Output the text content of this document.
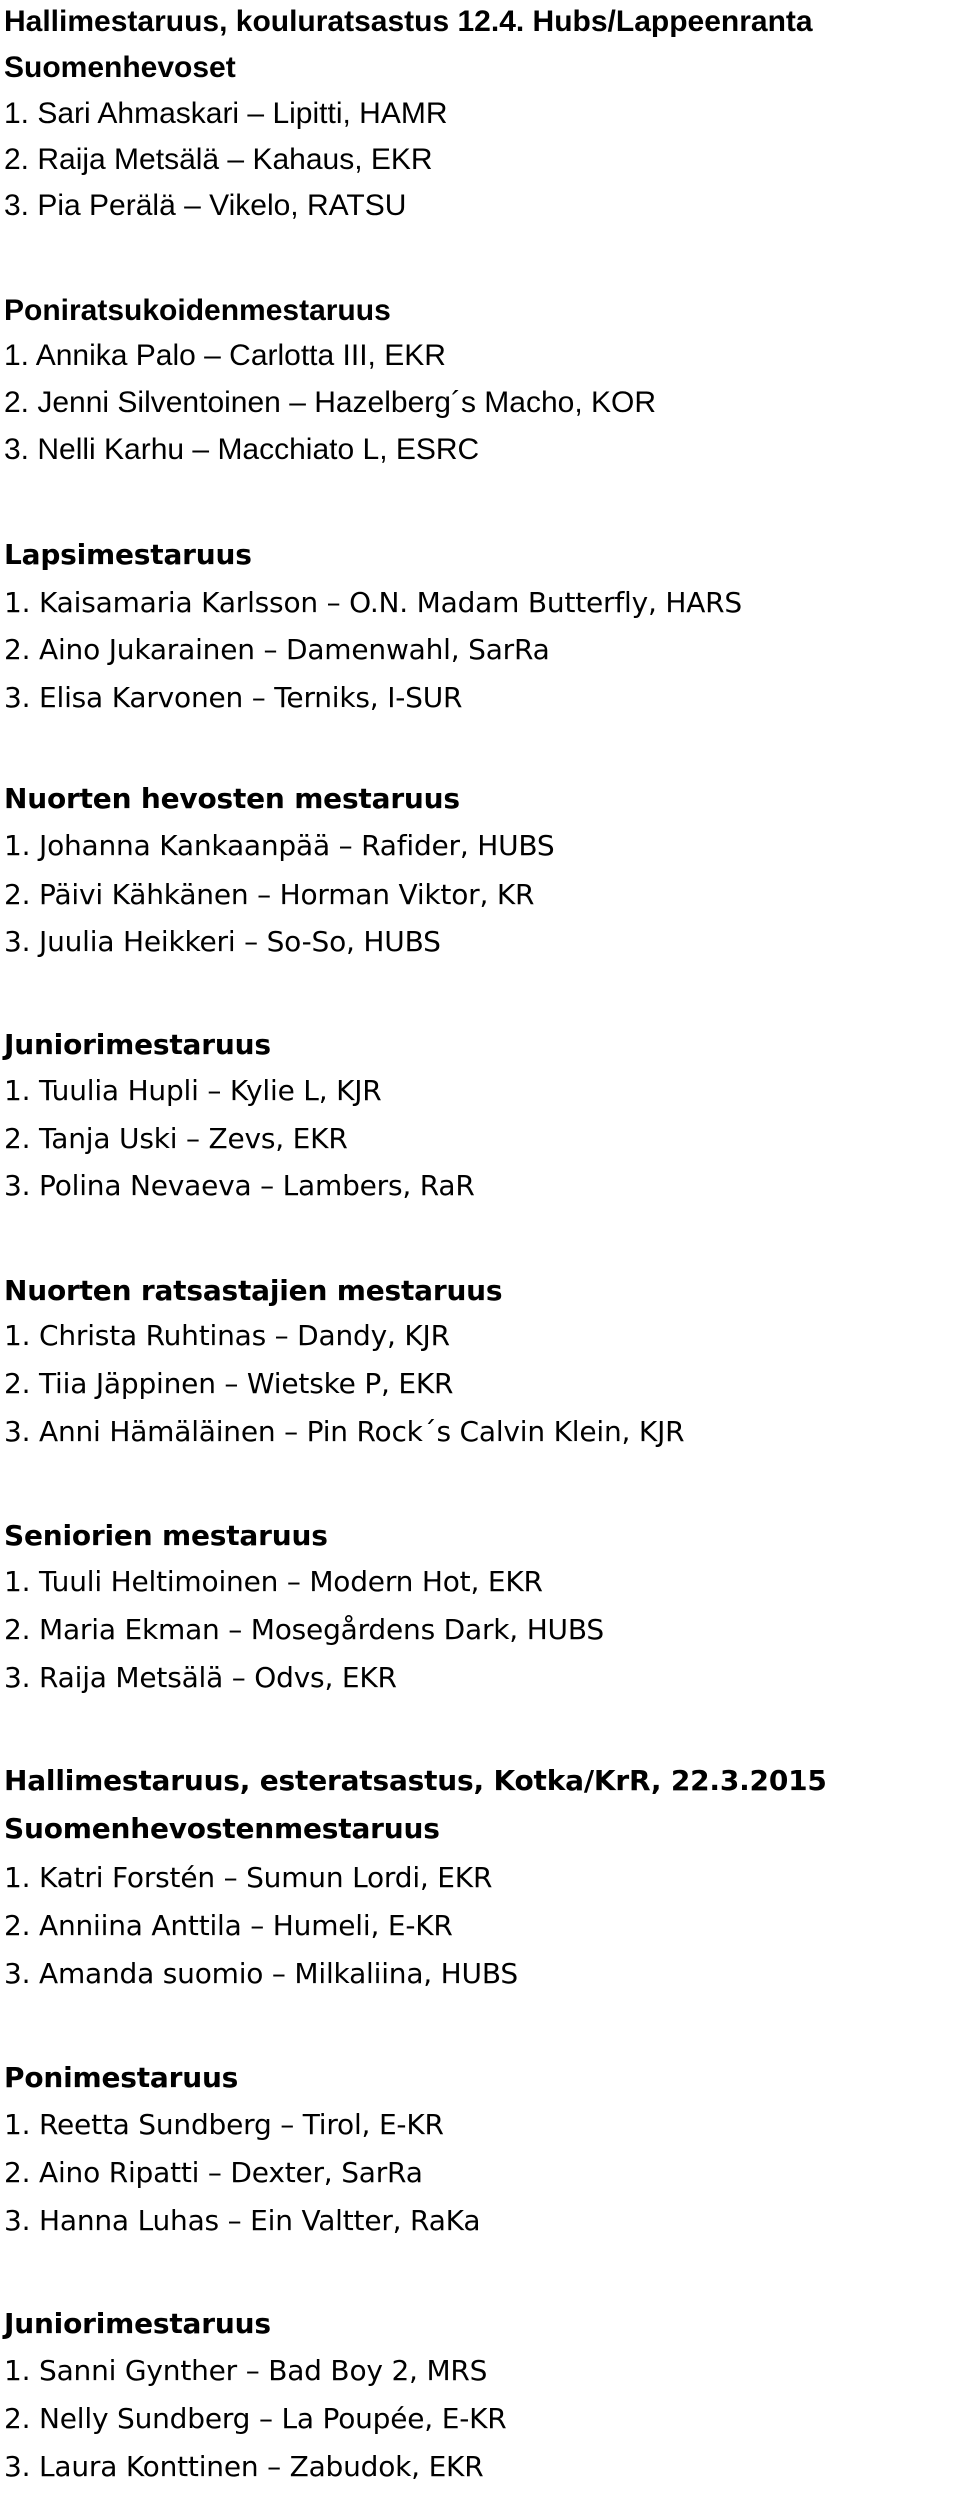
Hallimestaruus, kouluratsastus 12.4. Hubs/Lappeenranta
Suomenhevoset
1. Sari Ahmaskari – Lipitti, HAMR
2. Raija Metsälä – Kahaus, EKR
3. Pia Perälä – Vikelo, RATSU
Poniratsukoidenmestaruus
1. Annika Palo – Carlotta III, EKR
2. Jenni Silventoinen – Hazelberg´s Macho, KOR
3. Nelli Karhu – Macchiato L, ESRC
Lapsimestaruus
1. Kaisamaria Karlsson – O.N. Madam Butterfly, HARS
2. Aino Jukarainen – Damenwahl, SarRa
3. Elisa Karvonen – Terniks, I-SUR
Nuorten hevosten mestaruus
1. Johanna Kankaanpää – Rafider, HUBS
2. Päivi Kähkänen – Horman Viktor, KR
3. Juulia Heikkeri – So-So, HUBS
Juniorimestaruus
1. Tuulia Hupli – Kylie L, KJR
2. Tanja Uski – Zevs, EKR
3. Polina Nevaeva – Lambers, RaR
Nuorten ratsastajien mestaruus
1. Christa Ruhtinas – Dandy, KJR
2. Tiia Jäppinen – Wietske P, EKR
3. Anni Hämäläinen – Pin Rock´s Calvin Klein, KJR
Seniorien mestaruus
1. Tuuli Heltimoinen – Modern Hot, EKR
2. Maria Ekman – Mosegårdens Dark, HUBS
3. Raija Metsälä – Odvs, EKR
Hallimestaruus, esteratsastus, Kotka/KrR, 22.3.2015
Suomenhevostenmestaruus
1. Katri Forstén – Sumun Lordi, EKR
2. Anniina Anttila – Humeli, E-KR
3. Amanda suomio – Milkaliina, HUBS
Ponimestaruus
1. Reetta Sundberg – Tirol, E-KR
2. Aino Ripatti – Dexter, SarRa
3. Hanna Luhas – Ein Valtter, RaKa
Juniorimestaruus
1. Sanni Gynther – Bad Boy 2, MRS
2. Nelly Sundberg – La Poupée, E-KR
3. Laura Konttinen – Zabudok, EKR
